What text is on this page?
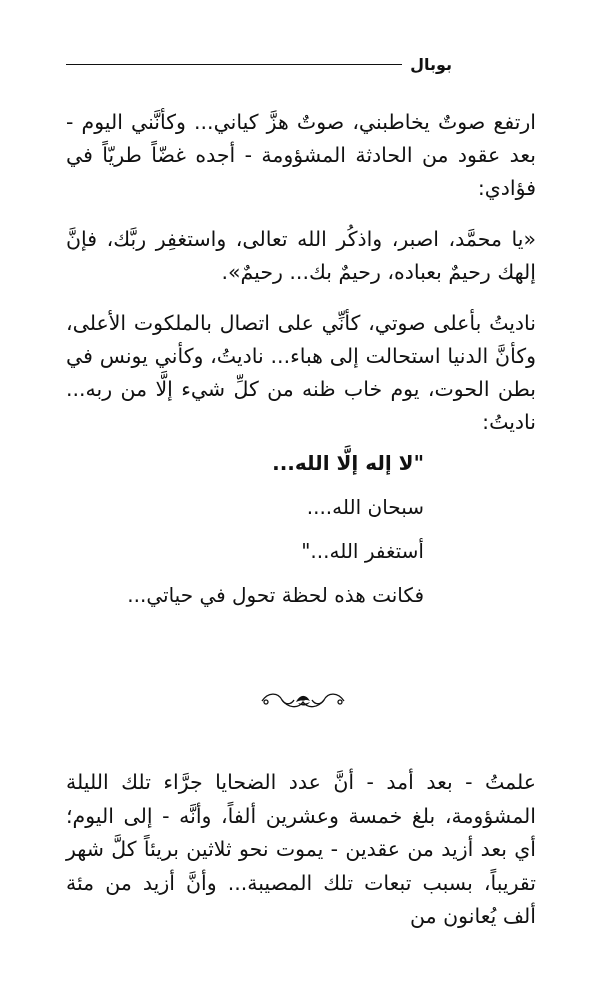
بوبال

ارتفع صوتٌ يخاطبني، صوتٌ هزَّ كياني... وكأنَّني اليوم - بعد عقود من الحادثة المشؤومة - أجده غضّاً طريّاً في فؤادي:

«يا محمَّد، اصبر، واذكُر الله تعالى، واستغفِر ربَّك، فإنَّ إلهك رحيمٌ بعباده، رحيمٌ بك... رحيمٌ».

ناديتُ بأعلى صوتي، كأنِّي على اتصال بالملكوت الأعلى، وكأنَّ الدنيا استحالت إلى هباء... ناديتُ، وكأني يونس في بطن الحوت، يوم خاب ظنه من كلِّ شيء إلَّا من ربه... ناديتُ:

"لا إله إلَّا الله...
سبحان الله....
أستغفر الله..."

فكانت هذه لحظة تحول في حياتي...

علمتُ - بعد أمد - أنَّ عدد الضحايا جرَّاء تلك الليلة المشؤومة، بلغ خمسة وعشرين ألفاً، وأنَّه - إلى اليوم؛ أي بعد أزيد من عقدين - يموت نحو ثلاثين بريئاً كلَّ شهر تقريباً، بسبب تبعات تلك المصيبة... وأنَّ أزيد من مئة ألف يُعانون من
